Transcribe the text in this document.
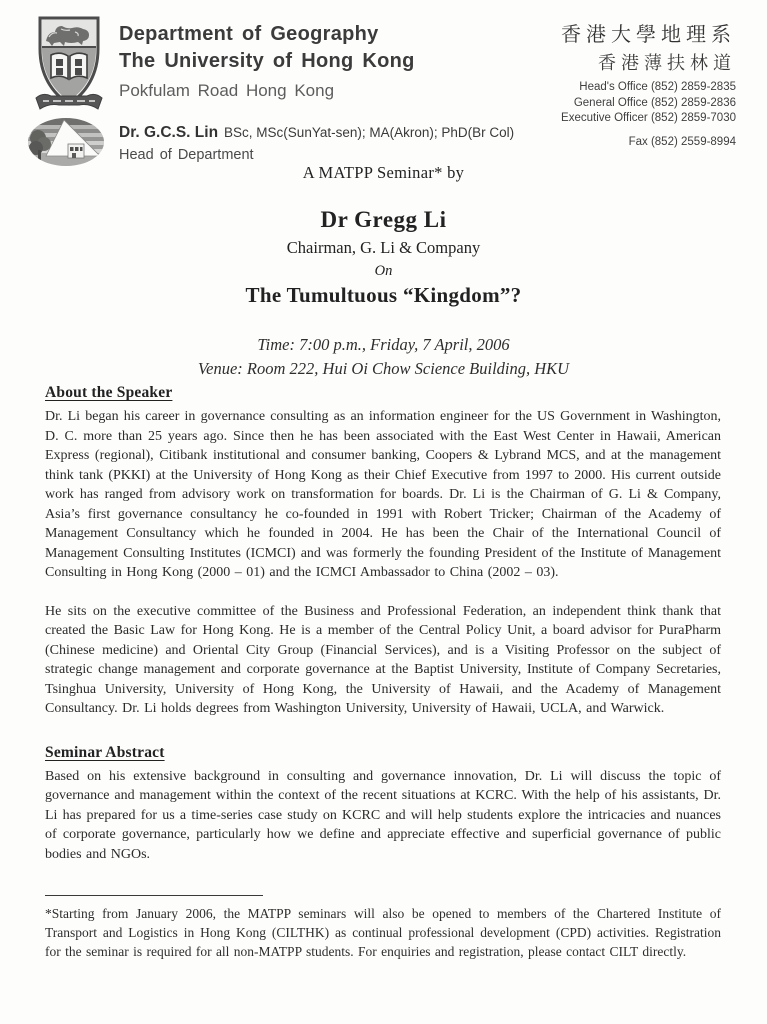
Department of Geography
The University of Hong Kong
Pokfulam Road Hong Kong
香港大學地理系
香港薄扶林道
Head's Office (852) 2859-2835
General Office (852) 2859-2836
Executive Officer (852) 2859-7030
Fax (852) 2559-8994
Dr. G.C.S. Lin BSc, MSc(SunYat-sen); MA(Akron); PhD(Br Col)
Head of Department
A MATPP Seminar* by
Dr Gregg Li
Chairman, G. Li & Company
On
The Tumultuous “Kingdom”?
Time: 7:00 p.m., Friday, 7 April, 2006
Venue: Room 222, Hui Oi Chow Science Building, HKU
About the Speaker

Dr. Li began his career in governance consulting as an information engineer for the US Government in Washington, D. C. more than 25 years ago. Since then he has been associated with the East West Center in Hawaii, American Express (regional), Citibank institutional and consumer banking, Coopers & Lybrand MCS, and at the management think tank (PKKI) at the University of Hong Kong as their Chief Executive from 1997 to 2000. His current outside work has ranged from advisory work on transformation for boards. Dr. Li is the Chairman of G. Li & Company, Asia’s first governance consultancy he co-founded in 1991 with Robert Tricker; Chairman of the Academy of Management Consultancy which he founded in 2004. He has been the Chair of the International Council of Management Consulting Institutes (ICMCI) and was formerly the founding President of the Institute of Management Consulting in Hong Kong (2000 – 01) and the ICMCI Ambassador to China (2002 – 03).

He sits on the executive committee of the Business and Professional Federation, an independent think thank that created the Basic Law for Hong Kong. He is a member of the Central Policy Unit, a board advisor for PuraPharm (Chinese medicine) and Oriental City Group (Financial Services), and is a Visiting Professor on the subject of strategic change management and corporate governance at the Baptist University, Institute of Company Secretaries, Tsinghua University, University of Hong Kong, the University of Hawaii, and the Academy of Management Consultancy. Dr. Li holds degrees from Washington University, University of Hawaii, UCLA, and Warwick.

Seminar Abstract

Based on his extensive background in consulting and governance innovation, Dr. Li will discuss the topic of governance and management within the context of the recent situations at KCRC. With the help of his assistants, Dr. Li has prepared for us a time-series case study on KCRC and will help students explore the intricacies and nuances of corporate governance, particularly how we define and appreciate effective and superficial governance of public bodies and NGOs.

*Starting from January 2006, the MATPP seminars will also be opened to members of the Chartered Institute of Transport and Logistics in Hong Kong (CILTHK) as continual professional development (CPD) activities. Registration for the seminar is required for all non-MATPP students. For enquiries and registration, please contact CILT directly.
